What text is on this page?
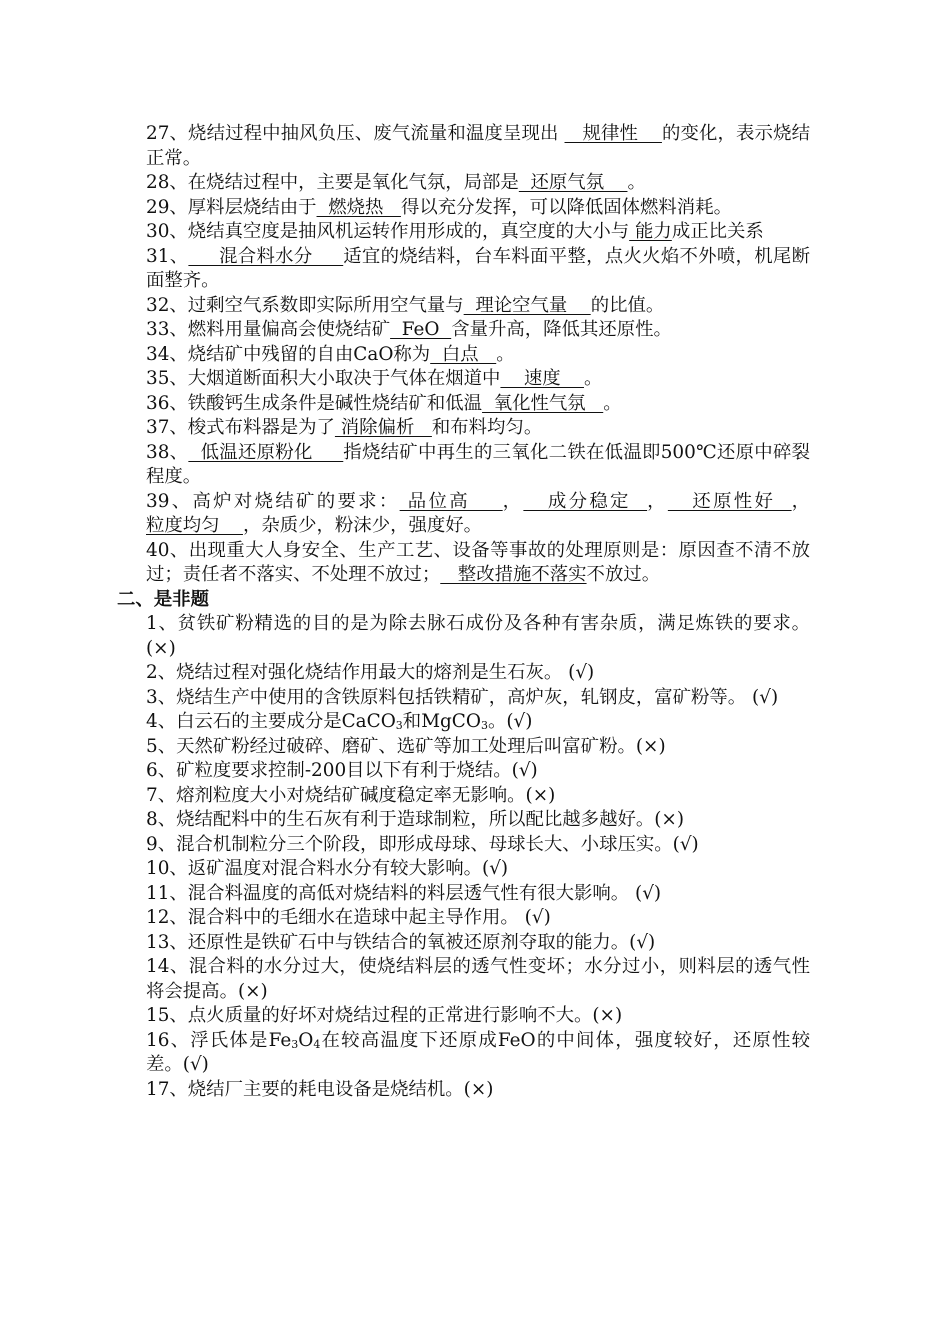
27、烧结过程中抽风负压、废气流量和温度呈现出    规律性    的变化，表示烧结正常。
28、在烧结过程中，主要是氧化气氛，局部是  还原气氛    。
29、厚料层烧结由于  燃烧热   得以充分发挥，可以降低固体燃料消耗。
30、烧结真空度是抽风机运转作用形成的，真空度的大小与 能力成正比关系
31、     混合料水分     适宜的烧结料，台车料面平整，点火火焰不外喷，机尾断面整齐。
32、过剩空气系数即实际所用空气量与  理论空气量    的比值。
33、燃料用量偏高会使烧结矿  FeO  含量升高，降低其还原性。
34、烧结矿中残留的自由CaO称为  白点   。
35、大烟道断面积大小取决于气体在烟道中    速度    。
36、铁酸钙生成条件是碱性烧结矿和低温  氧化性气氛   。
37、梭式布料器是为了 消除偏析   和布料均匀。
38、  低温还原粉化     指烧结矿中再生的三氧化二铁在低温即500℃还原中碎裂程度。
39、高炉对烧结矿的要求： 品位高    ，   成分稳定  ，   还原性好  ，粒度均匀    ，杂质少，粉沫少，强度好。
40、出现重大人身安全、生产工艺、设备等事故的处理原则是：原因查不清不放过；责任者不落实、不处理不放过；   整改措施不落实不放过。
二、是非题
1、贫铁矿粉精选的目的是为除去脉石成份及各种有害杂质，满足炼铁的要求。(×)
2、烧结过程对强化烧结作用最大的熔剂是生石灰。 (√)
3、烧结生产中使用的含铁原料包括铁精矿，高炉灰，轧钢皮，富矿粉等。 (√)
4、白云石的主要成分是CaCO$_3$和MgCO$_3$。(√)
5、天然矿粉经过破碎、磨矿、选矿等加工处理后叫富矿粉。(×)
6、矿粒度要求控制-200目以下有利于烧结。(√)
7、熔剂粒度大小对烧结矿碱度稳定率无影响。(×)
8、烧结配料中的生石灰有利于造球制粒，所以配比越多越好。(×)
9、混合机制粒分三个阶段，即形成母球、母球长大、小球压实。(√)
10、返矿温度对混合料水分有较大影响。(√)
11、混合料温度的高低对烧结料的料层透气性有很大影响。 (√)
12、混合料中的毛细水在造球中起主导作用。 (√)
13、还原性是铁矿石中与铁结合的氧被还原剂夺取的能力。(√)
14、混合料的水分过大，使烧结料层的透气性变坏；水分过小，则料层的透气性将会提高。(×)
15、点火质量的好坏对烧结过程的正常进行影响不大。(×)
16、浮氏体是$Fe_3O_4$在较高温度下还原成FeO的中间体，强度较好，还原性较差。(√)
17、烧结厂主要的耗电设备是烧结机。(×)
